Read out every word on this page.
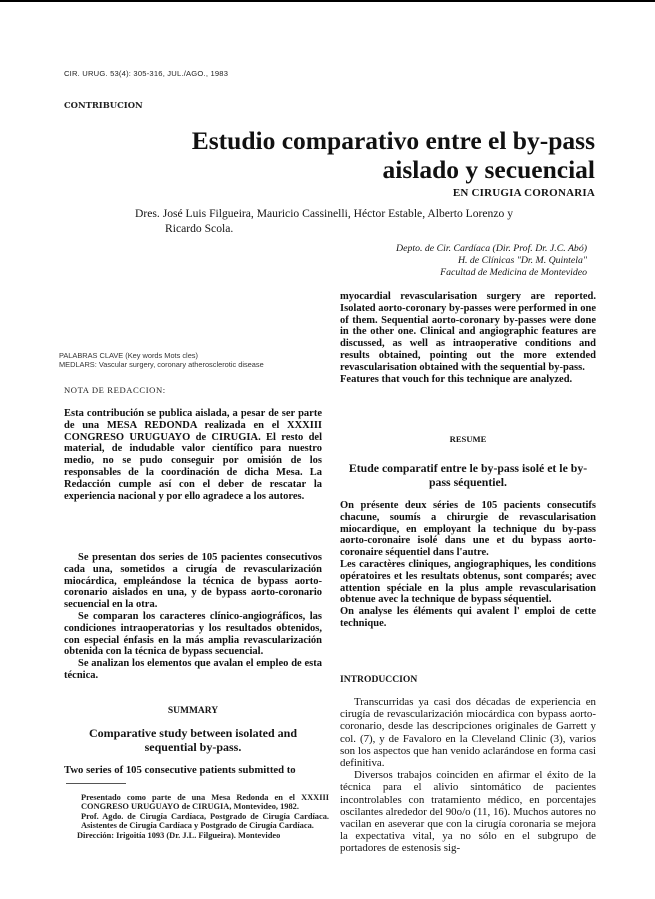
CIR. URUG. 53(4): 305-316, JUL./AGO., 1983
CONTRIBUCION
Estudio comparativo entre el by-pass
aislado y secuencial
EN CIRUGIA CORONARIA
Dres. José Luis Filgueira, Mauricio Cassinelli, Héctor Estable, Alberto Lorenzo y
Ricardo Scola.
Depto. de Cir. Cardíaca (Dir. Prof. Dr. J.C. Abó)
H. de Clínicas "Dr. M. Quintela"
Facultad de Medicina de Montevideo

myocardial revascularisation surgery are reported. Isolated aorto-coronary by-passes were performed in one of them. Sequential aorto-coronary by-passes were done in the other one. Clinical and angiographic features are discussed, as well as intraoperative conditions and results obtained, pointing out the more extended revascularisation obtained with the sequential by-pass.

Features that vouch for this technique are analyzed.

PALABRAS CLAVE (Key words Mots cles)
MEDLARS: Vascular surgery, coronary atherosclerotic disease
NOTA DE REDACCION:
Esta contribución se publica aislada, a pesar de ser parte de una MESA REDONDA realizada en el XXXIII CONGRESO URUGUAYO de CIRUGIA. El resto del material, de indudable valor científico para nuestro medio, no se pudo conseguir por omisión de los responsables de la coordinación de dicha Mesa. La Redacción cumple así con el deber de rescatar la experiencia nacional y por ello agradece a los autores.

Se presentan dos series de 105 pacientes consecutivos cada una, sometidos a cirugía de revascularización miocárdica, empleándose la técnica de bypass aorto-coronario aislados en una, y de bypass aorto-coronario secuencial en la otra.

Se comparan los caracteres clínico-angiográficos, las condiciones intraoperatorias y los resultados obtenidos, con especial énfasis en la más amplia revascularización obtenida con la técnica de bypass secuencial.

Se analizan los elementos que avalan el empleo de esta técnica.

SUMMARY
Comparative study between isolated and sequential by-pass.
Two series of 105 consecutive patients submitted to

Presentado como parte de una Mesa Redonda en el XXXIII CONGRESO URUGUAYO de CIRUGIA, Montevideo, 1982.

Prof. Agdo. de Cirugía Cardíaca, Postgrado de Cirugía Cardíaca. Asistentes de Cirugía Cardíaca y Postgrado de Cirugía Cardíaca.

Dirección: Irigoitía 1093 (Dr. J.L. Filgueira). Montevideo

RESUME
Etude comparatif entre le by-pass isolé et le by-pass séquentiel.

On présente deux séries de 105 pacients consecutifs chacune, soumís a chirurgie de revascularisation miocardique, en employant la technique du by-pass aorto-coronaire isolé dans une et du bypass aorto-coronaire séquentiel dans l'autre.

Les caractères cliniques, angiographiques, les conditions opératoires et les resultats obtenus, sont comparés; avec attention spéciale en la plus ample revascularisation obtenue avec la technique de bypass séquentiel.

On analyse les éléments qui avalent l' emploi de cette technique.

INTRODUCCION

Transcurridas ya casi dos décadas de experiencia en cirugía de revascularización miocárdica con bypass aorto-coronario, desde las descripciones originales de Garrett y col. (7), y de Favaloro en la Cleveland Clinic (3), varios son los aspectos que han venido aclarándose en forma casi definitiva.

Diversos trabajos coinciden en afirmar el éxito de la técnica para el alivio sintomático de pacientes incontrolables con tratamiento médico, en porcentajes oscilantes alrededor del 90o/o (11, 16). Muchos autores no vacilan en aseverar que con la cirugía coronaria se mejora la expectativa vital, ya no sólo en el subgrupo de portadores de estenosis sig-
